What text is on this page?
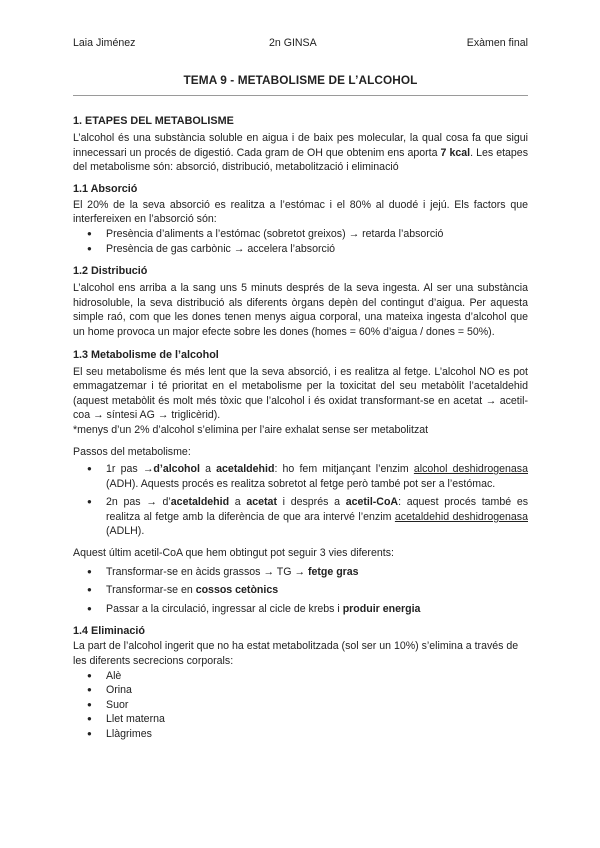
Laia Jiménez	2n GINSA	Exàmen final
TEMA 9 - METABOLISME DE L’ALCOHOL

1. ETAPES DEL METABOLISME

L’alcohol és una substància soluble en aigua i de baix pes molecular, la qual cosa fa que sigui innecessari un procés de digestió. Cada gram de OH que obtenim ens aporta 7 kcal. Les etapes del metabolisme són: absorció, distribució, metabolització i eliminació

1.1 Absorció

El 20% de la seva absorció es realitza a l’estómac i el 80% al duodé i jejú. Els factors que interfereixen en l’absorció són:

● Presència d’aliments a l’estómac (sobretot greixos) → retarda l’absorció
● Presència de gas carbònic → accelera l’absorció

1.2 Distribució

L’alcohol ens arriba a la sang uns 5 minuts després de la seva ingesta. Al ser una substància hidrosoluble, la seva distribució als diferents òrgans depèn del contingut d’aigua. Per aquesta simple raó, com que les dones tenen menys aigua corporal, una mateixa ingesta d’alcohol que un home provoca un major efecte sobre les dones (homes = 60% d’aigua / dones = 50%).

1.3 Metabolisme de l’alcohol

El seu metabolisme és més lent que la seva absorció, i es realitza al fetge. L’alcohol NO es pot emmagatzemar i té prioritat en el metabolisme per la toxicitat del seu metabòlit l’acetaldehid (aquest metabòlit és molt més tòxic que l’alcohol i és oxidat transformant-se en acetat → acetil-coa → síntesi AG → triglicèrid).

*menys d’un 2% d’alcohol s’elimina per l’aire exhalat sense ser metabolitzat

Passos del metabolisme:

● 1r pas →d’alcohol a acetaldehid: ho fem mitjançant l’enzim alcohol deshidrogenasa (ADH). Aquests procés es realitza sobretot al fetge però també pot ser a l’estómac.
● 2n pas → d’acetaldehid a acetat i després a acetil-CoA: aquest procés també es realitza al fetge amb la diferència de que ara intervé l’enzim acetaldehid deshidrogenasa (ADLH).

Aquest últim acetil-CoA que hem obtingut pot seguir 3 vies diferents:

● Transformar-se en àcids grassos → TG → fetge gras
● Transformar-se en cossos cetònics
● Passar a la circulació, ingressar al cicle de krebs i produir energia

1.4 Eliminació

La part de l’alcohol ingerit que no ha estat metabolitzada (sol ser un 10%) s’elimina a través de les diferents secrecions corporals:

● Alè
● Orina
● Suor
● Llet materna
● Llàgrimes
